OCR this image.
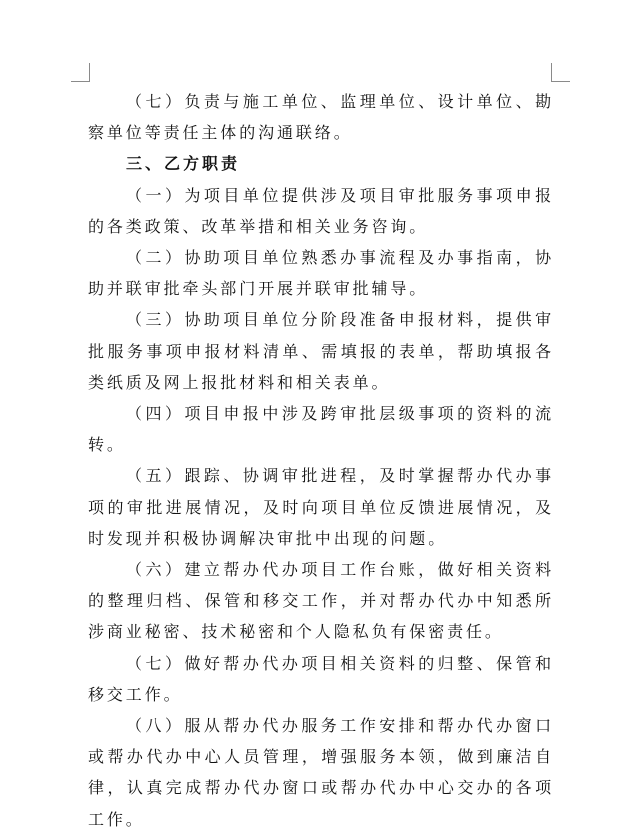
（七）负责与施工单位、监理单位、设计单位、勘察单位等责任主体的沟通联络。

三、乙方职责

（一）为项目单位提供涉及项目审批服务事项申报的各类政策、改革举措和相关业务咨询。

（二）协助项目单位熟悉办事流程及办事指南，协助并联审批牵头部门开展并联审批辅导。

（三）协助项目单位分阶段准备申报材料，提供审批服务事项申报材料清单、需填报的表单，帮助填报各类纸质及网上报批材料和相关表单。

（四）项目申报中涉及跨审批层级事项的资料的流转。

（五）跟踪、协调审批进程，及时掌握帮办代办事项的审批进展情况，及时向项目单位反馈进展情况，及时发现并积极协调解决审批中出现的问题。

（六）建立帮办代办项目工作台账，做好相关资料的整理归档、保管和移交工作，并对帮办代办中知悉所涉商业秘密、技术秘密和个人隐私负有保密责任。

（七）做好帮办代办项目相关资料的归整、保管和移交工作。

（八）服从帮办代办服务工作安排和帮办代办窗口或帮办代办中心人员管理，增强服务本领，做到廉洁自律，认真完成帮办代办窗口或帮办代办中心交办的各项工作。
